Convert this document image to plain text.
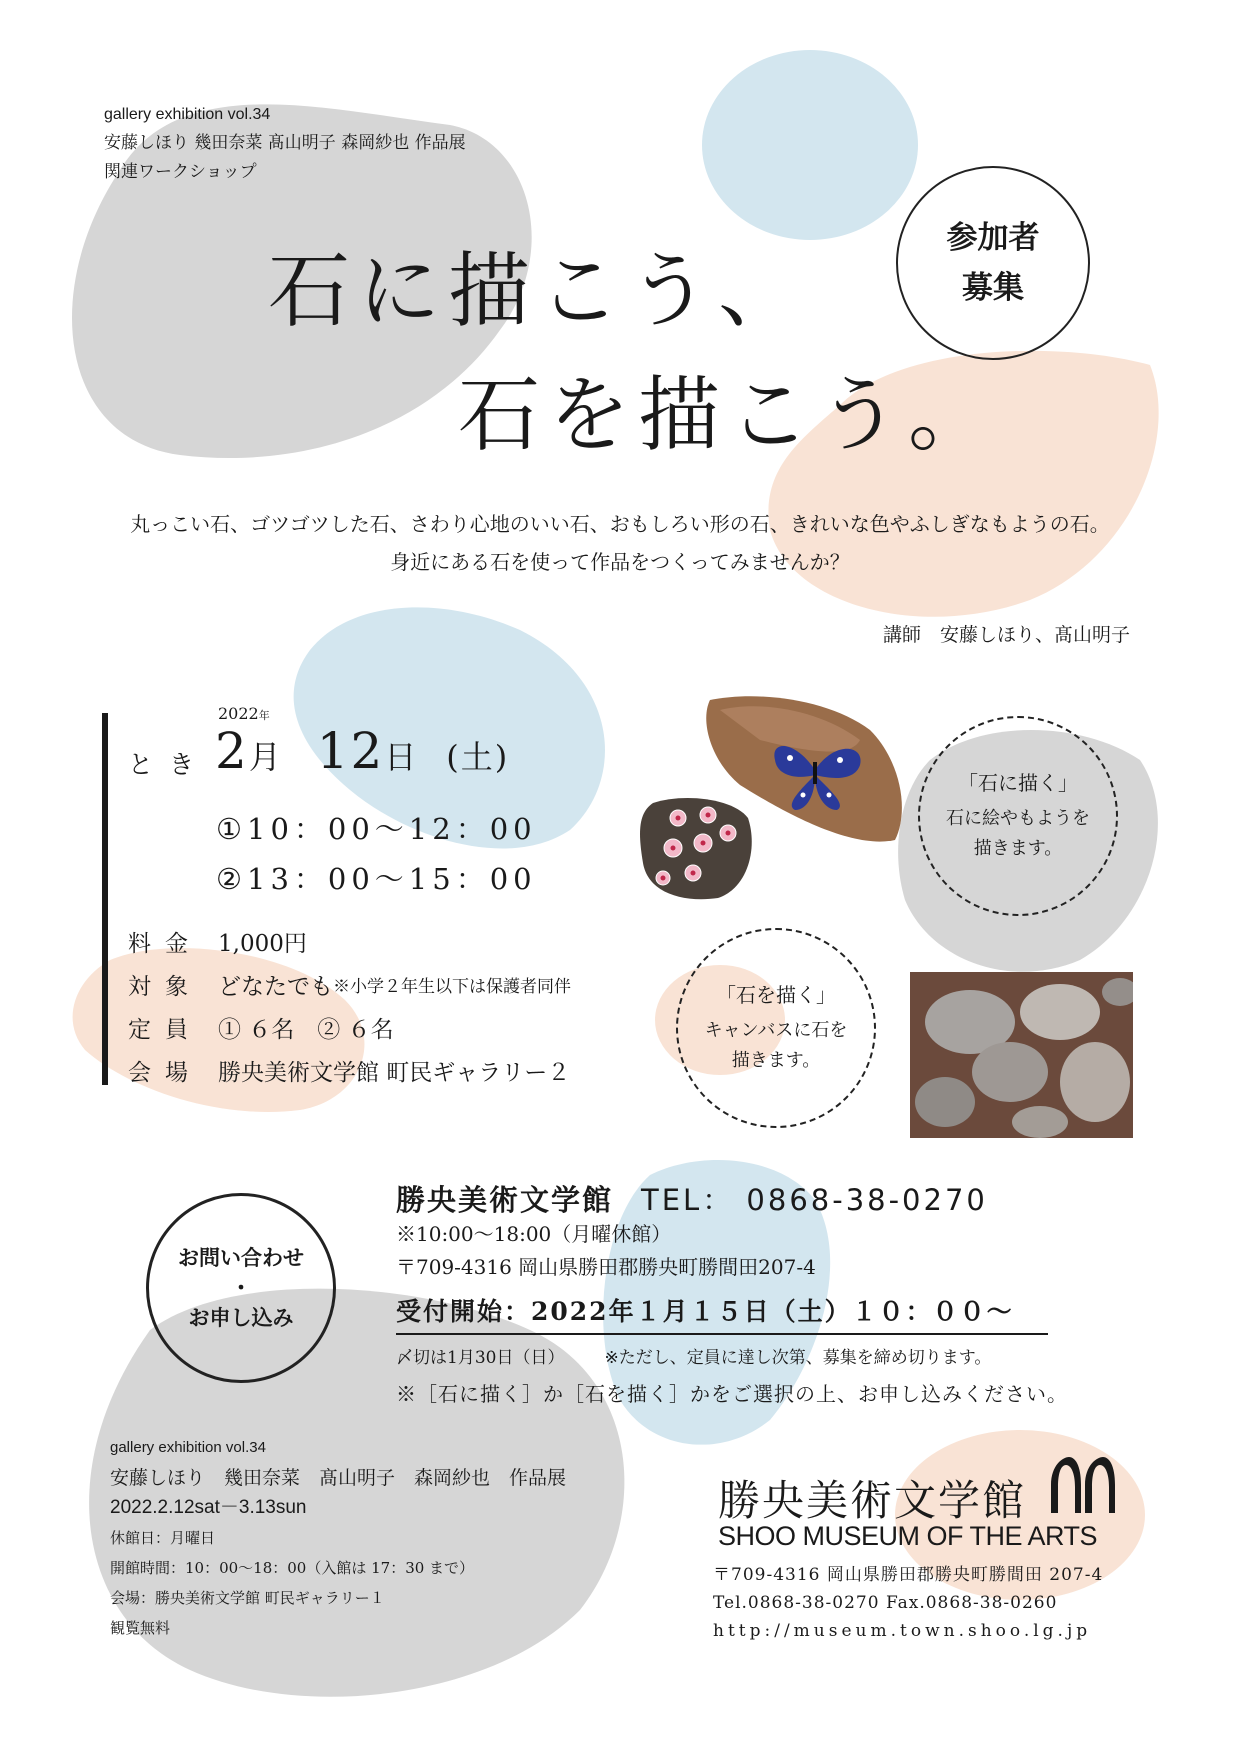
gallery exhibition vol.34
安藤しほり 幾田奈菜 髙山明子 森岡紗也 作品展
関連ワークショップ
石に描こう、
石を描こう。
参加者
募集
丸っこい石、ゴツゴツした石、さわり心地のいい石、おもしろい形の石、きれいな色やふしぎなもようの石。
身近にある石を使って作品をつくってみませんか？
講師　安藤しほり、髙山明子
とき
2022年
2月 12日 (土)
①10：00〜12：00
②13：00〜15：00
料金 1,000円
対象 どなたでも ※小学２年生以下は保護者同伴
定員 ① ６名　② ６名
会場 勝央美術文学館 町民ギャラリー２
「石に描く」
石に絵やもようを
描きます。
「石を描く」
キャンバスに石を
描きます。
お問い合わせ
・
お申し込み
勝央美術文学館 TEL： 0868-38-0270
※10:00〜18:00（月曜休館）
〒709-4316 岡山県勝田郡勝央町勝間田207-4
受付開始：2022年１月１５日（土）１０：００〜
〆切は1月30日（日） ※ただし、定員に達し次第、募集を締め切ります。
※［石に描く］か［石を描く］かをご選択の上、お申し込みください。
gallery exhibition vol.34
安藤しほり　幾田奈菜　髙山明子　森岡紗也　作品展
2022.2.12sat－3.13sun
休館日：月曜日
開館時間：10：00〜18：00（入館は 17：30 まで）
会場：勝央美術文学館 町民ギャラリー１
観覧無料
勝央美術文学館
SHOO MUSEUM OF THE ARTS
〒709-4316 岡山県勝田郡勝央町勝間田 207-4
Tel.0868-38-0270 Fax.0868-38-0260
http://museum.town.shoo.lg.jp
